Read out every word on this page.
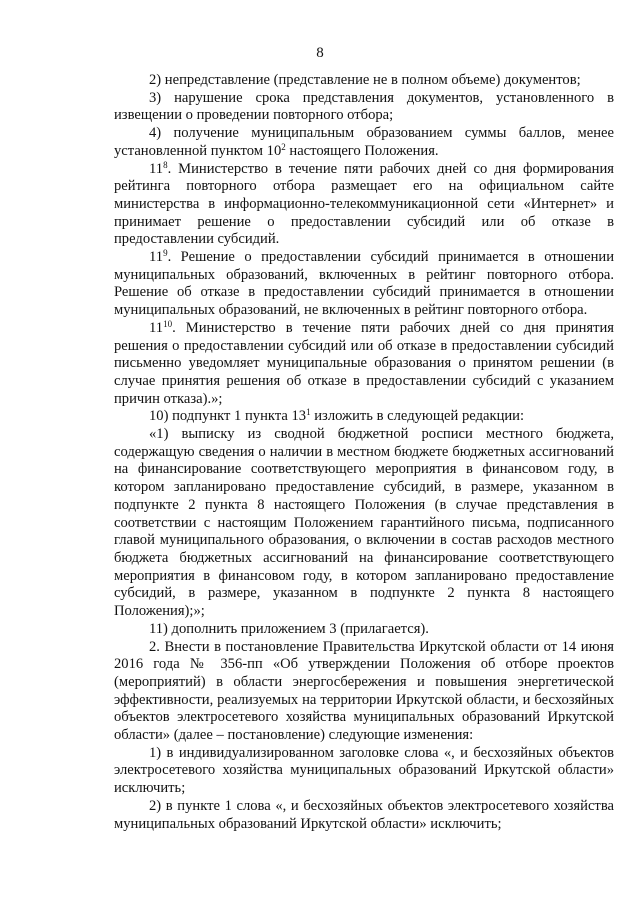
8

2) непредставление (представление не в полном объеме) документов;

3) нарушение срока представления документов, установленного в извещении о проведении повторного отбора;

4) получение муниципальным образованием суммы баллов, менее установленной пунктом $10^2$ настоящего Положения.

$11^8$. Министерство в течение пяти рабочих дней со дня формирования рейтинга повторного отбора размещает его на официальном сайте министерства в информационно-телекоммуникационной сети «Интернет» и принимает решение о предоставлении субсидий или об отказе в предоставлении субсидий.

$11^9$. Решение о предоставлении субсидий принимается в отношении муниципальных образований, включенных в рейтинг повторного отбора. Решение об отказе в предоставлении субсидий принимается в отношении муниципальных образований, не включенных в рейтинг повторного отбора.

$11^{10}$. Министерство в течение пяти рабочих дней со дня принятия решения о предоставлении субсидий или об отказе в предоставлении субсидий письменно уведомляет муниципальные образования о принятом решении (в случае принятия решения об отказе в предоставлении субсидий с указанием причин отказа).»;

10) подпункт 1 пункта $13^1$ изложить в следующей редакции:

«1) выписку из сводной бюджетной росписи местного бюджета, содержащую сведения о наличии в местном бюджете бюджетных ассигнований на финансирование соответствующего мероприятия в финансовом году, в котором запланировано предоставление субсидий, в размере, указанном в подпункте 2 пункта 8 настоящего Положения (в случае представления в соответствии с настоящим Положением гарантийного письма, подписанного главой муниципального образования, о включении в состав расходов местного бюджета бюджетных ассигнований на финансирование соответствующего мероприятия в финансовом году, в котором запланировано предоставление субсидий, в размере, указанном в подпункте 2 пункта 8 настоящего Положения);»;

11) дополнить приложением 3 (прилагается).

2. Внести в постановление Правительства Иркутской области от 14 июня 2016 года № 356-пп «Об утверждении Положения об отборе проектов (мероприятий) в области энергосбережения и повышения энергетической эффективности, реализуемых на территории Иркутской области, и бесхозяйных объектов электросетевого хозяйства муниципальных образований Иркутской области» (далее – постановление) следующие изменения:

1) в индивидуализированном заголовке слова «, и бесхозяйных объектов электросетевого хозяйства муниципальных образований Иркутской области» исключить;

2) в пункте 1 слова «, и бесхозяйных объектов электросетевого хозяйства муниципальных образований Иркутской области» исключить;
